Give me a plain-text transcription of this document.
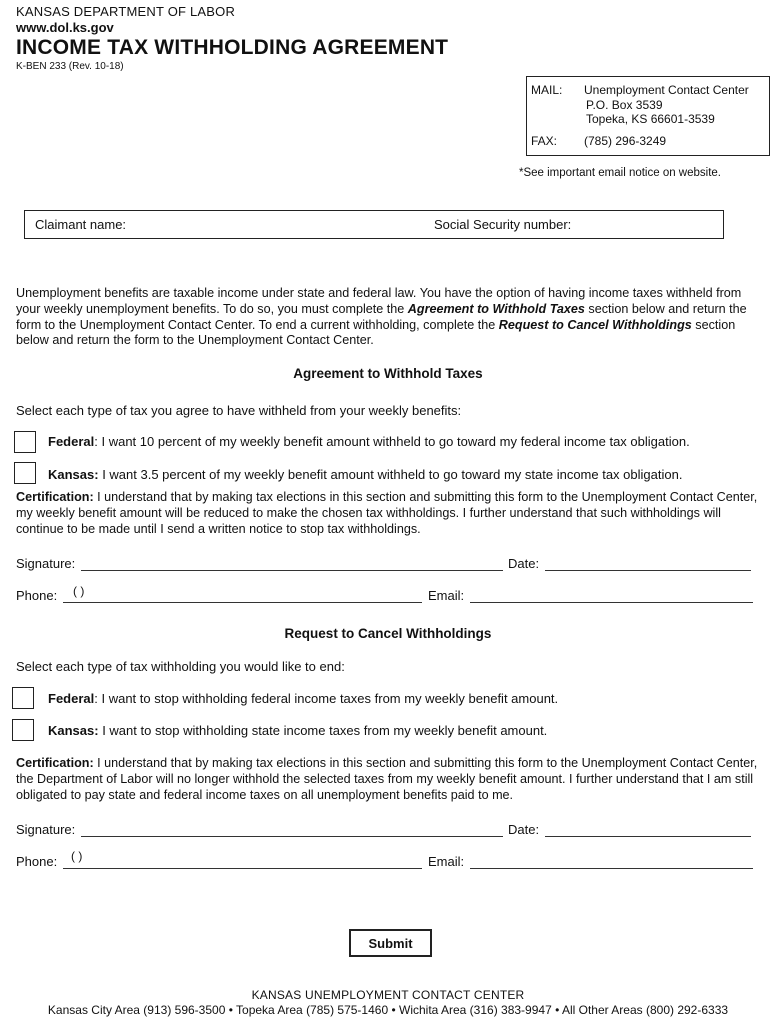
KANSAS DEPARTMENT OF LABOR
www.dol.ks.gov
INCOME TAX WITHHOLDING AGREEMENT
K-BEN 233 (Rev. 10-18)
MAIL: Unemployment Contact Center
P.O. Box 3539
Topeka, KS 66601-3539
FAX: (785) 296-3249
*See important email notice on website.
Claimant name:	Social Security number:
Unemployment benefits are taxable income under state and federal law. You have the option of having income taxes withheld from your weekly unemployment benefits. To do so, you must complete the Agreement to Withhold Taxes section below and return the form to the Unemployment Contact Center. To end a current withholding, complete the Request to Cancel Withholdings section below and return the form to the Unemployment Contact Center.
Agreement to Withhold Taxes
Select each type of tax you agree to have withheld from your weekly benefits:
Federal: I want 10 percent of my weekly benefit amount withheld to go toward my federal income tax obligation.
Kansas: I want 3.5 percent of my weekly benefit amount withheld to go toward my state income tax obligation.
Certification: I understand that by making tax elections in this section and submitting this form to the Unemployment Contact Center, my weekly benefit amount will be reduced to make the chosen tax withholdings. I further understand that such withholdings will continue to be made until I send a written notice to stop tax withholdings.
Signature:	Date:
Phone: ( )	Email:
Request to Cancel Withholdings
Select each type of tax withholding you would like to end:
Federal: I want to stop withholding federal income taxes from my weekly benefit amount.
Kansas: I want to stop withholding state income taxes from my weekly benefit amount.
Certification: I understand that by making tax elections in this section and submitting this form to the Unemployment Contact Center, the Department of Labor will no longer withhold the selected taxes from my weekly benefit amount. I further understand that I am still obligated to pay state and federal income taxes on all unemployment benefits paid to me.
Signature:	Date:
Phone: ( )	Email:
Submit
KANSAS UNEMPLOYMENT CONTACT CENTER
Kansas City Area (913) 596-3500 • Topeka Area (785) 575-1460 • Wichita Area (316) 383-9947 • All Other Areas (800) 292-6333
